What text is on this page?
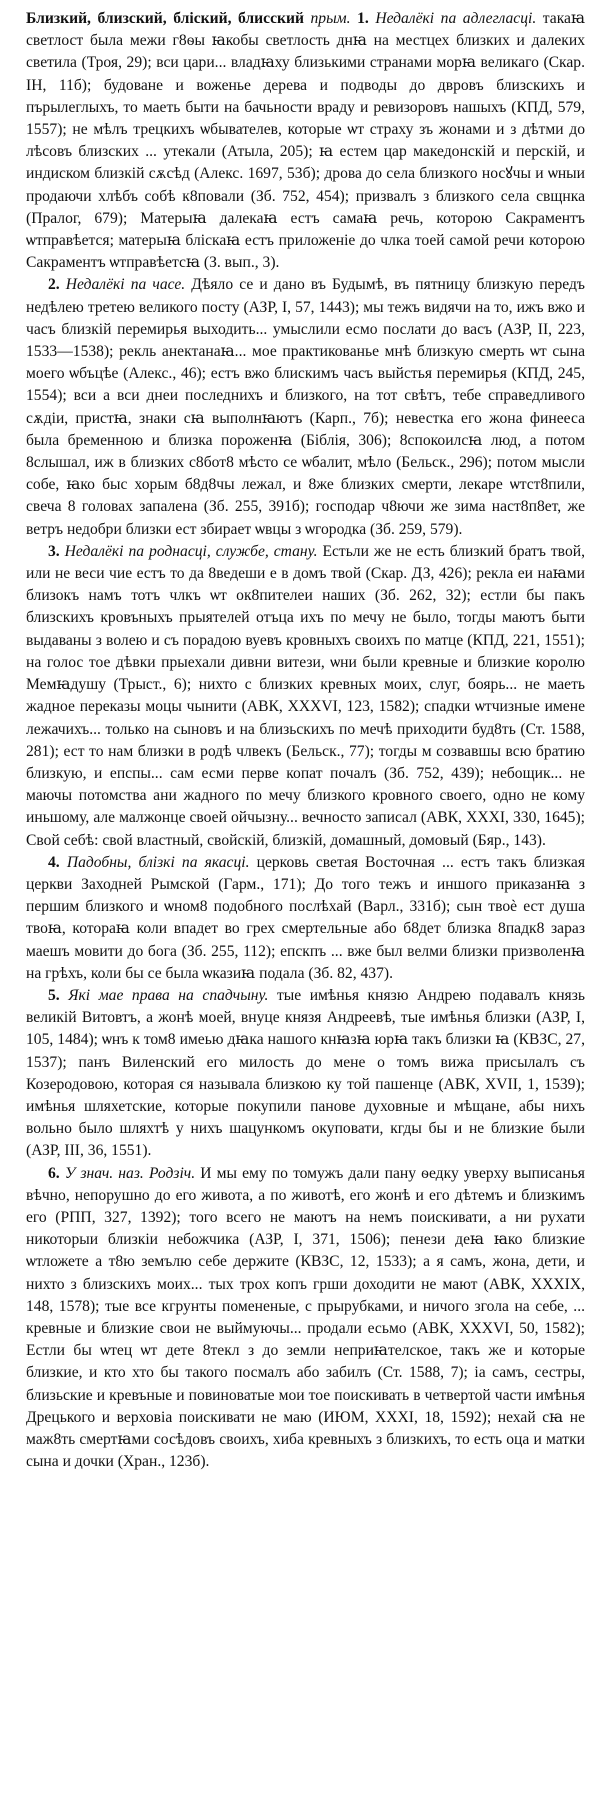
Близкий, близский, бліский, блисский прым. 1. Недалёкі па адлегласці. такаꙗ светлост была межи г8ѳы ꙗкобы светлость днꙗ на местцех близких и далеких светила (Троя, 29); вси цари... владꙗху близькими странами морꙗ великаго (Скар. ІН, 11б); будоване и воженье дерева и подводы до двровъ близскихъ и пърылеглыхъ, то маеть быти на бачьности враду и ревизоровъ нашыхъ (КПД, 579, 1557); не мѣлъ трецкихъ ѡбывателев, которые ѡт страху зъ жонами и з дѣтми до лѣсовъ близских ... утекали (Атыла, 205); ꙗ естем цар македонскій и перскій, и индиском близкій сѫсѣд (Алекс. 1697, 53б); дрова до села близкого носꙋчы и ѡныи продаючи хлѣбъ собѣ к8повали (Зб. 752, 454); призвалъ з близкого села свщнка (Пралог, 679); Матерыꙗ далекаꙗ естъ самаꙗ речь, которою Сакраментъ ѡтправѣется; матерыꙗ бліскаꙗ естъ приложеніе до члка тоей самой речи которою Сакраментъ ѡтправѣетсꙗ (З. вып., 3).

2. Недалёкі па часе. Дѣяло се и дано въ Будымѣ, въ пятницу близкую передъ недѣлею третею великого посту (АЗР, І, 57, 1443); мы тежъ видячи на то, ижъ вжо и часъ близкій перемирья выходить... умыслили есмо послати до васъ (АЗР, ІІ, 223, 1533—1538); рекль анектанаꙗ... мое практикованье мнѣ близкую смерть ѡт сына моего ѡбъцѣе (Алекс., 46); естъ вжо блискимъ часъ выйстья перемирья (КПД, 245, 1554); вси а вси днеи последнихъ и близкого, на тот свѣтъ, тебе справедливого сѫдіи, пристꙗ, знаки сꙗ выполнꙗютъ (Карп., 7б); невестка его жона финееса была бременною и близка пороженꙗ (Біблія, 306); 8спокоилсꙗ люд, а потом 8слышал, иж в близких с8бот8 мѣсто се ѡбалит, мѣло (Бельск., 296); потом мысли собе, ꙗко быс хорым б8д8чы лежал, и 8же близких смерти, лекаре ѡтст8пили, свеча 8 головах запалена (Зб. 255, 391б); господар ч8ючи же зима наст8п8ет, же ветръ недобри близки ест збирает ѡвцы з ѡгородка (Зб. 259, 579).

3. Недалёкі па роднасці, службе, стану. Естьли же не есть близкий братъ твой, или не веси чие естъ то да 8ведеши е в домъ твой (Скар. ДЗ, 426); рекла еи наꙗми близокъ намъ тотъ члкъ ѡт ок8пителеи наших (Зб. 262, 32); естли бы пакъ близскихъ кровъныхъ прыятелей отъца ихъ по мечу не было, тогды маютъ быти выдаваны з волею и съ порадою вуевъ кровныхъ своихъ по матце (КПД, 221, 1551); на голос тое дѣвки прыехали дивни витези, ѡни были кревные и близкие королю Мемꙗдушу (Трыст., 6); нихто с близких кревных моих, слуг, боярь... не маеть жадное переказы моцы чынити (АВК, ХХХVІ, 123, 1582); спадки ѡтчизные имене лежачихъ... только на сыновъ и на близьскихъ по мечѣ приходити буд8ть (Ст. 1588, 281); ест то нам близки в родѣ члвекъ (Бельск., 77); тогды м созвавшы всю братию близкую, и епспы... сам есми перве копат почалъ (Зб. 752, 439); небощик... не маючы потомства ани жадного по мечу близкого кровного своего, одно не кому иньшому, але малжонце своей ойчызну... вечносто записал (АВК, ХХХІ, 330, 1645); Свой себѣ: свой властный, свойскій, близкій, домашный, домовый (Бяр., 143).

4. Падобны, блізкі па якасці. церковь светая Восточная ... естъ такъ близкая церкви Заходней Рымской (Гарм., 171); До того тежъ и иншого приказанꙗ з першим близкого и ѡном8 подобного послѣхай (Варл., 331б); сын твоѐ ест душа твоꙗ, котораꙗ коли впадет во грех смертельные або б8дет близка 8падк8 зараз маешъ мовити до бога (Зб. 255, 112); епскпъ ... вже был велми близки призволенꙗ на грѣхъ, коли бы се была ѡказиꙗ подала (Зб. 82, 437).

5. Які мае права на спадчыну. тые имѣнья князю Андрею подавалъ князь великій Витовтъ, а жонѣ моей, внуце князя Андреевѣ, тые имѣнья близки (АЗР, І, 105, 1484); ѡнъ к том8 имеью дꙗка нашого кнꙗзꙗ юрꙗ такъ близки ꙗ (КВЗС, 27, 1537); панъ Виленский его милость до мене о томъ вижа присылалъ съ Козеродовою, которая ся называла близкою ку той пашенце (АВК, ХVІІ, 1, 1539); имѣнья шляхетские, которые покупили панове духовные и мѣщане, абы нихъ вольно было шляхтѣ у нихъ шацункомъ окуповати, кгды бы и не близкие были (АЗР, ІІІ, 36, 1551).

6. У знач. наз. Родзіч. И мы ему по томужъ дали пану ѳедку уверху выписанья вѣчно, непорушно до его живота, а по животѣ, его жонѣ и его дѣтемъ и близкимъ его (РПП, 327, 1392); того всего не маютъ на немъ поискивати, а ни рухати никоторыи близкіи небожчика (АЗР, І, 371, 1506); пенези деꙗ ꙗко близкие ѡтложете а т8ю земълю себе держите (КВЗС, 12, 1533); а я самъ, жона, дети, и нихто з близскихъ моих... тых трох копъ грши доходити не мают (АВК, ХХХІХ, 148, 1578); тые все кгрунты помененые, с прырубками, и ничого згола на себе, ... кревные и близкие свои не выймуючы... продали есьмо (АВК, ХХХVІ, 50, 1582); Естли бы ѡтец ѡт дете 8текл з до земли неприꙗтелское, такъ же и которые близкие, и кто хто бы такого посмалъ або забилъ (Ст. 1588, 7); іа самъ, сестры, близьские и кревъные и повиноватые мои тое поискивать в четвертой части имѣнья Дрецького и верховіа поискивати не маю (ИЮМ, ХХХІ, 18, 1592); нехай сꙗ не маж8ть смертꙗми сосѣдовъ своихъ, хиба кревныхъ з близкихъ, то есть оца и матки сына и дочки (Хран., 123б).
